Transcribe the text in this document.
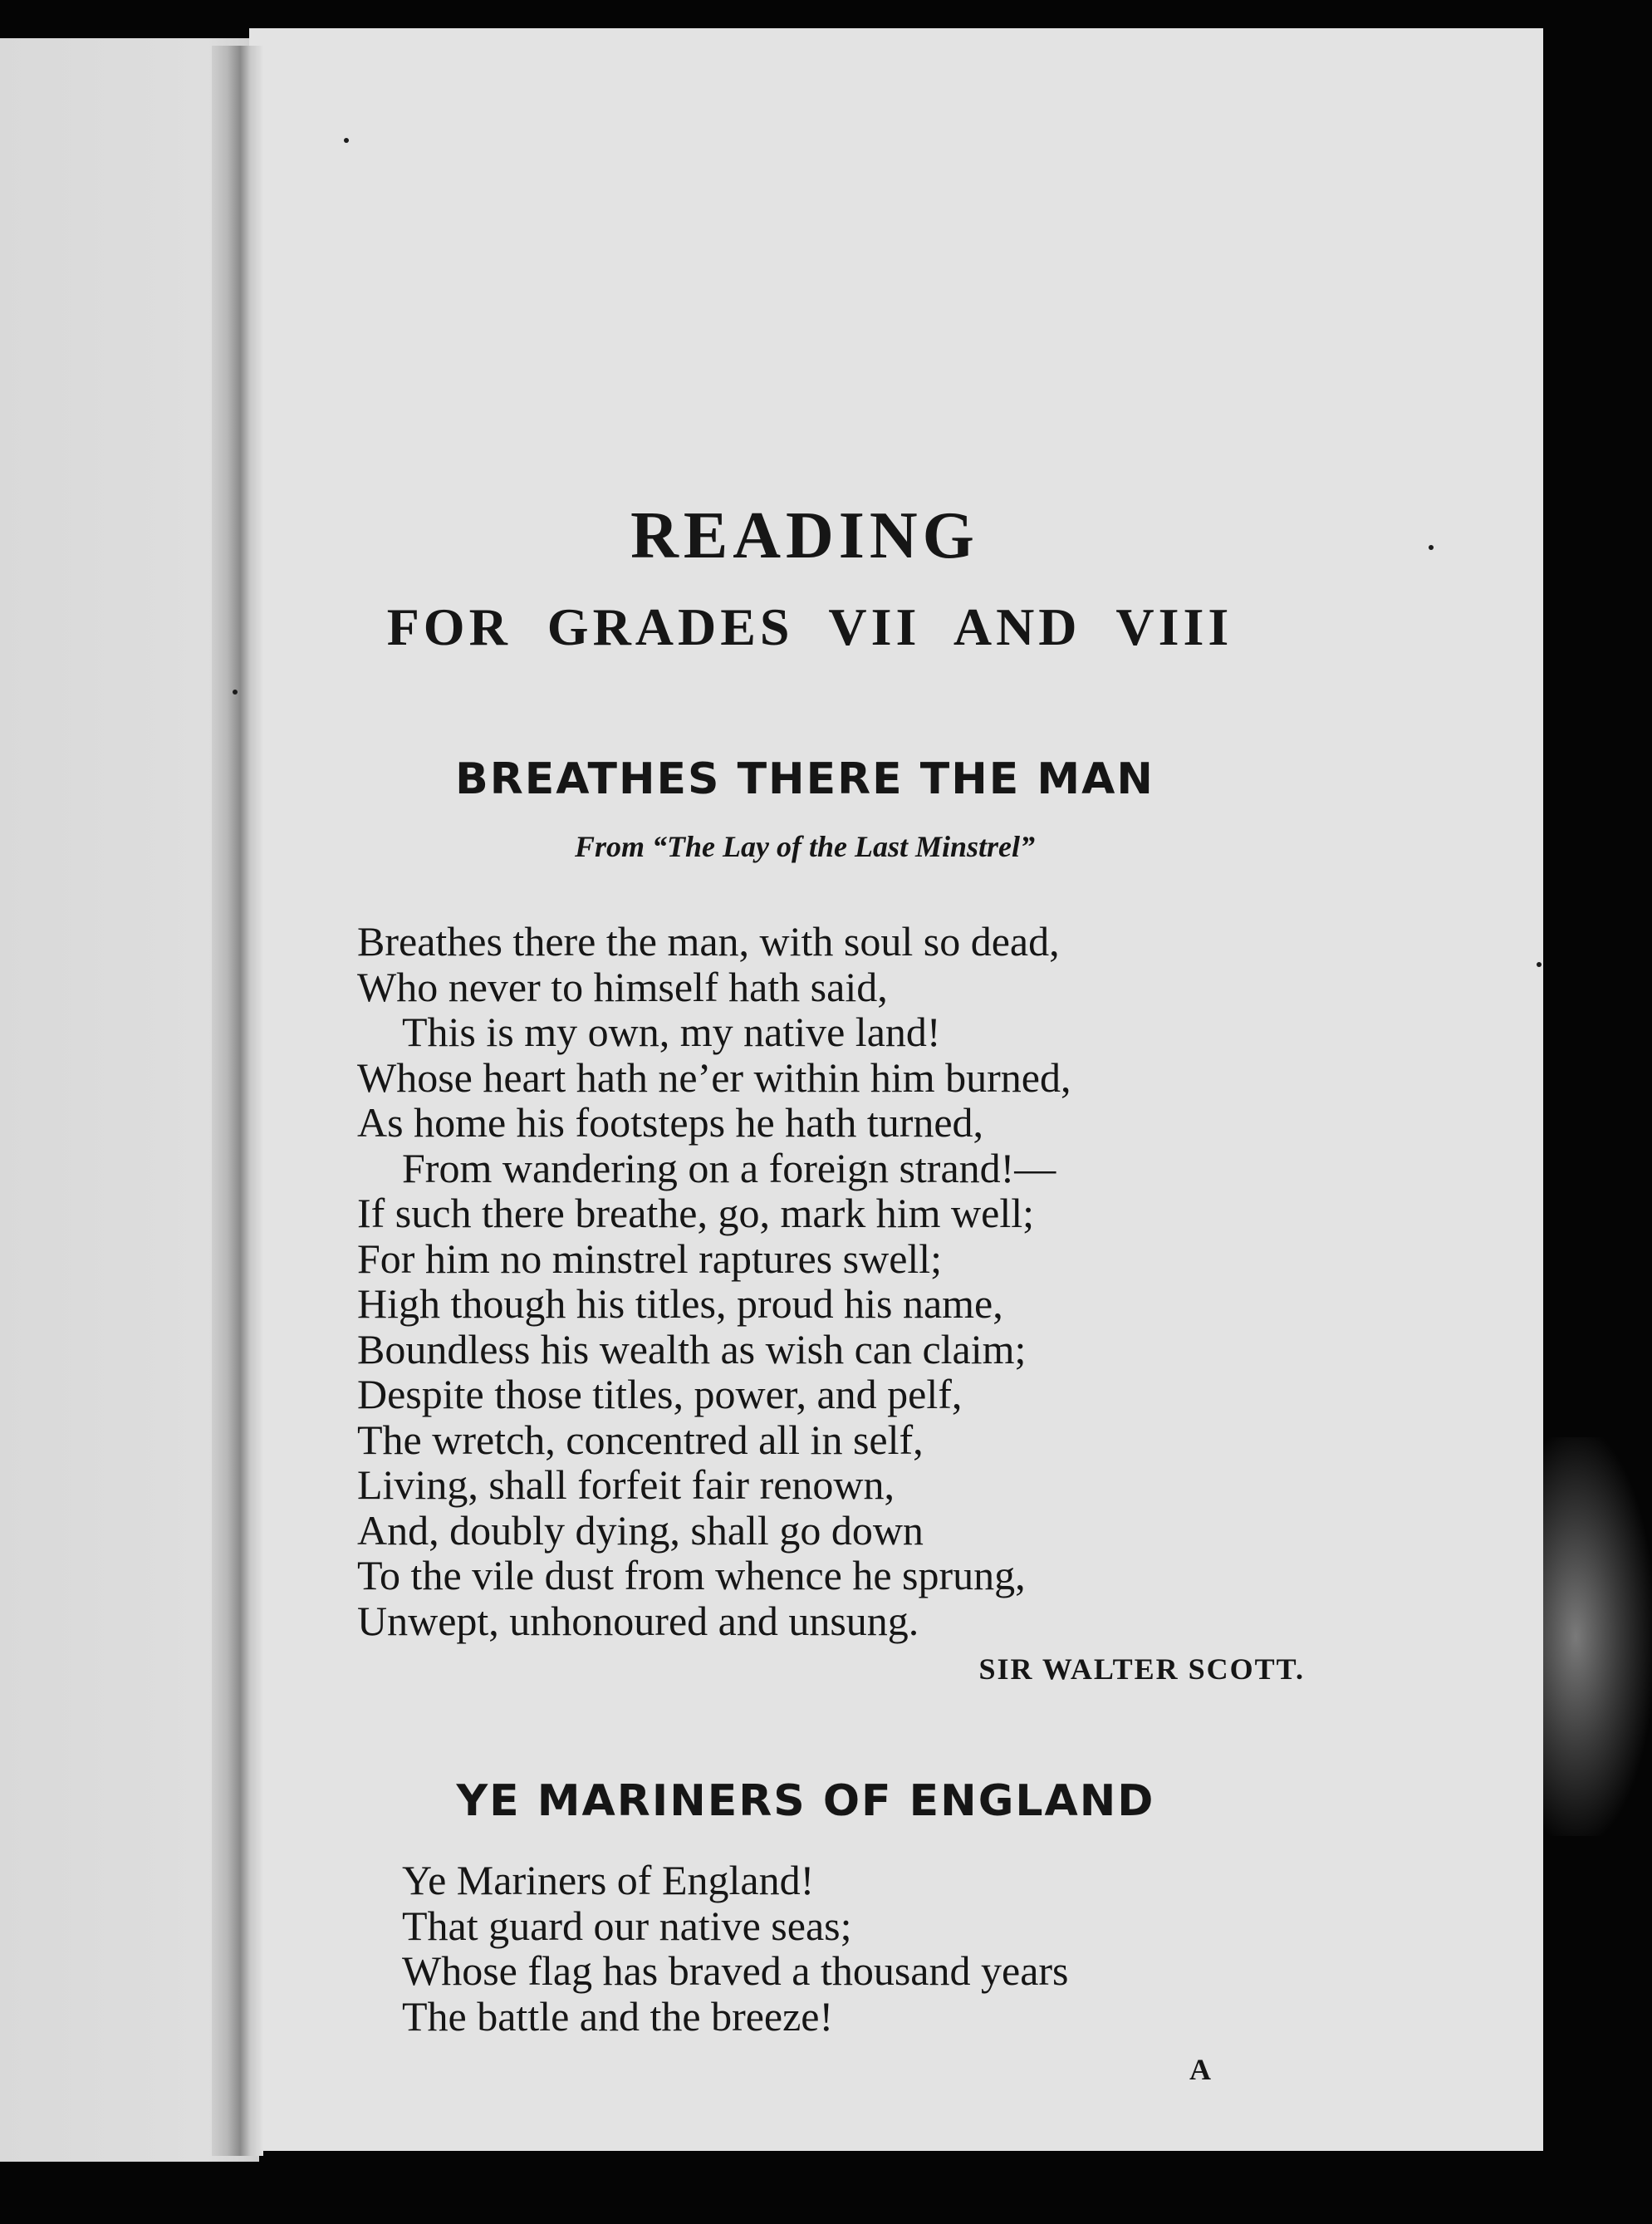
READING
FOR GRADES VII AND VIII
BREATHES THERE THE MAN

From “The Lay of the Last Minstrel”

Breathes there the man, with soul so dead,
Who never to himself hath said,
This is my own, my native land!
Whose heart hath ne’er within him burned,
As home his footsteps he hath turned,
From wandering on a foreign strand!—
If such there breathe, go, mark him well;
For him no minstrel raptures swell;
High though his titles, proud his name,
Boundless his wealth as wish can claim;
Despite those titles, power, and pelf,
The wretch, concentred all in self,
Living, shall forfeit fair renown,
And, doubly dying, shall go down
To the vile dust from whence he sprung,
Unwept, unhonoured and unsung.

SIR WALTER SCOTT.

YE MARINERS OF ENGLAND
Ye Mariners of England!
That guard our native seas;
Whose flag has braved a thousand years
The battle and the breeze!

A
